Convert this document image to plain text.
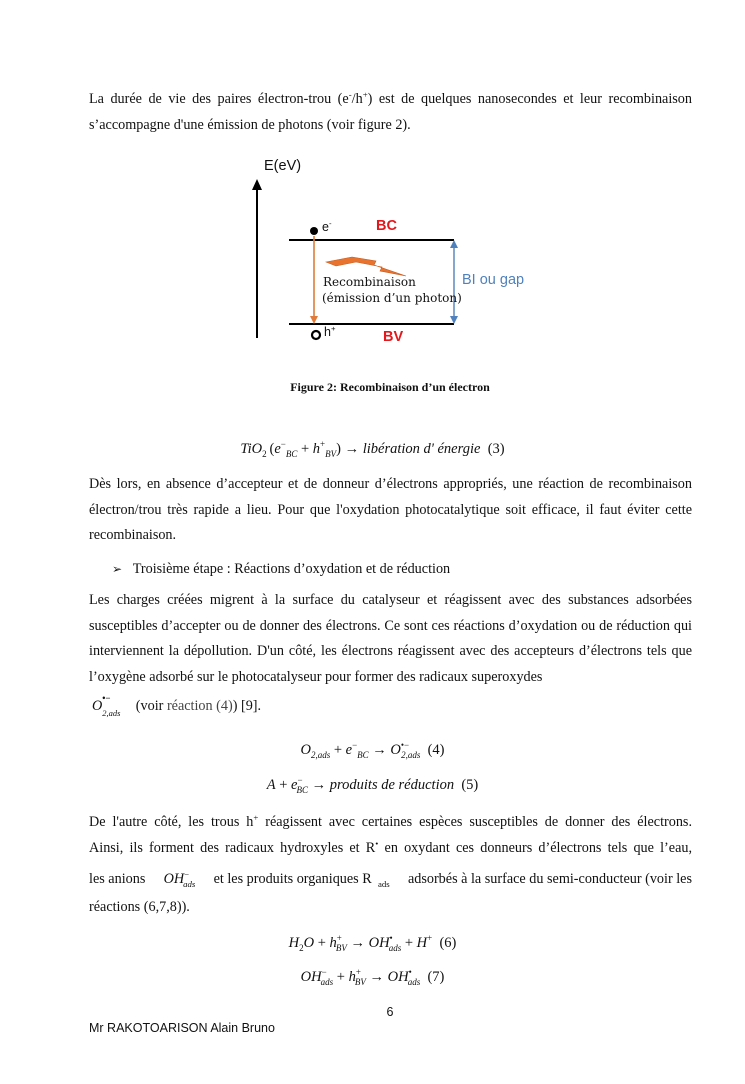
La durée de vie des paires électron-trou (e-/h+) est de quelques nanosecondes et leur recombinaison s’accompagne d'une émission de photons (voir figure 2).

E(eV)
e-	BC
h+
BV
BI ou gap
Recombinaison
(émission d’un photon)
Figure 2: Recombinaison d’un électron
TiO$_2$ $(e^-_{BC} + h^+_{BV})$ → libération d' énergie (3)

Dès lors, en absence d’accepteur et de donneur d’électrons appropriés, une réaction de recombinaison électron/trou très rapide a lieu. Pour que l'oxydation photocatalytique soit efficace, il faut éviter cette recombinaison.

➢ Troisième étape : Réactions d’oxydation et de réduction

Les charges créées migrent à la surface du catalyseur et réagissent avec des substances adsorbées susceptibles d’accepter ou de donner des électrons. Ce sont ces réactions d’oxydation ou de réduction qui interviennent la dépollution. D'un côté, les électrons réagissent avec des accepteurs d’électrons tels que l’oxygène adsorbé sur le photocatalyseur pour former des radicaux superoxydes

O •−
2,ads (voir réaction (4)) [9].
$O_{2,ads} + e^-_{BC} \to O^{•-}_{2,ads}$ (4)
$A + e^-_{BC}$ → produits de réduction (5)
De l'autre côté, les trous h+ réagissent avec certaines espèces susceptibles de donner des électrons.
Ainsi, ils forment des radicaux hydroxyles et R• en oxydant ces donneurs d’électrons tels que l’eau,
les anions $OH^-_{ads}$ et les produits organiques R $_{ads}$ adsorbés à la surface du semi-conducteur (voir les
réactions (6,7,8)).
$H_2O + h^+_{BV} \to OH^•_{ads} + H^+$ (6)
$OH^-_{ads} + h^+_{BV} \to OH^•_{ads}$ (7)
6
Mr RAKOTOARISON Alain Bruno
